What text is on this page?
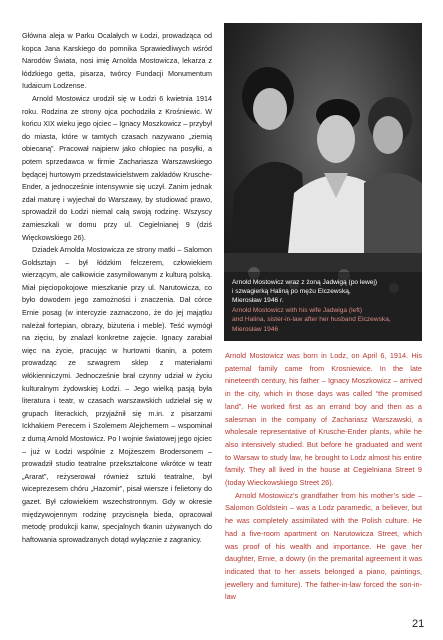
Główna aleja w Parku Ocalałych w Łodzi, prowadząca od kopca Jana Karskiego do pomnika Sprawiedliwych wśród Narodów Świata, nosi imię Arnolda Mostowicza, lekarza z łódzkiego getta, pisarza, twórcy Fundacji Monumentum Iudaicum Lodzense.

Arnold Mostowicz urodził się w Łodzi 6 kwietnia 1914 roku. Rodzina ze strony ojca pochodziła z Krośniewic. W końcu XIX wieku jego ojciec – Ignacy Moszkowicz – przybył do miasta, które w tamtych czasach nazywano „ziemią obiecaną”. Pracował najpierw jako chłopiec na posyłki, a potem sprzedawca w firmie Zachariasza Warszawskiego będącej hurtowym przedstawicielstwem zakładów Krusche-Ender, a jednocześnie intensywnie się uczył. Zanim jednak zdał maturę i wyjechał do Warszawy, by studiować prawo, sprowadził do Łodzi niemal całą swoją rodzinę. Wszyscy zamieszkali w domu przy ul. Cegielnianej 9 (dziś Więckowskiego 26).

Dziadek Arnolda Mostowicza ze strony matki – Salomon Goldsztajn – był łódzkim felczerem, człowiekiem wierzącym, ale całkowicie zasymilowanym z kulturą polską. Miał pięciopokojowe mieszkanie przy ul. Narutowicza, co było dowodem jego zamożności i znaczenia. Dał córce Ernie posag (w intercyzie zaznaczono, że do jej majątku należał fortepian, obrazy, biżuteria i meble). Teść wymógł na zięciu, by znalazł konkretne zajęcie. Ignacy zarabiał więc na życie, pracując w hurtowni tkanin, a potem prowadząc ze szwagrem sklep z materiałami włókienniczymi. Jednocześnie brał czynny udział w życiu kulturalnym żydowskiej Łodzi. – Jego wielką pasją była literatura i teatr, w czasach warszawskich udzielał się w grupach literackich, przyjaźnił się m.in. z pisarzami Ickhakiem Perecem i Szolemem Alejchemem – wspominał z dumą Arnold Mostowicz. Po I wojnie światowej jego ojciec – już w Łodzi wspólnie z Mojżeszem Brodersonem – prowadził studio teatralne przekształcone wkrótce w teatr „Ararat”, reżyserował również sztuki teatralne, był wiceprezesem chóru „Hazomir”, pisał wiersze i felietony do gazet. Był człowiekiem wszechstronnym. Gdy w okresie międzywojennym rodzinę przycisnęła bieda, opracował metodę produkcji kanw, specjalnych tkanin używanych do haftowania sprowadzanych dotąd wyłącznie z zagranicy.

Arnold Mostowicz wraz z żoną Jadwigą (po lewej)
i szwagierką Haliną po mężu Elczewską,
Mierosław 1946 r.

Arnold Mostowicz with his wife Jadwiga (left)
and Halina, sister-in-law after her husband Elczewska,
Mierosław 1946

Arnold Mostowicz was born in Lodz, on April 6, 1914. His paternal family came from Krosniewice. In the late nineteenth century, his father – Ignacy Moszkowicz – arrived in the city, which in those days was called “the promised land”. He worked first as an errand boy and then as a salesman in the company of Zachariasz Warszawski, a wholesale representative of Krusche-Ender plants, while he also intensively studied. But before he graduated and went to Warsaw to study law, he brought to Lodz almost his entire family. They all lived in the house at Cegielniana Street 9 (today Wieckowskiego Street 26).

Arnold Mostowicz’s grandfather from his mother’s side – Salomon Goldstein – was a Lodz paramedic, a believer, but he was completely assimilated with the Polish culture. He had a five-room apartment on Narutowicza Street, which was proof of his wealth and importance. He gave her daughter, Ernie, a dowry (in the premarital agreement it was indicated that to her assets belonged a piano, paintings, jewellery and furniture). The father-in-law forced the son-in-law

21
